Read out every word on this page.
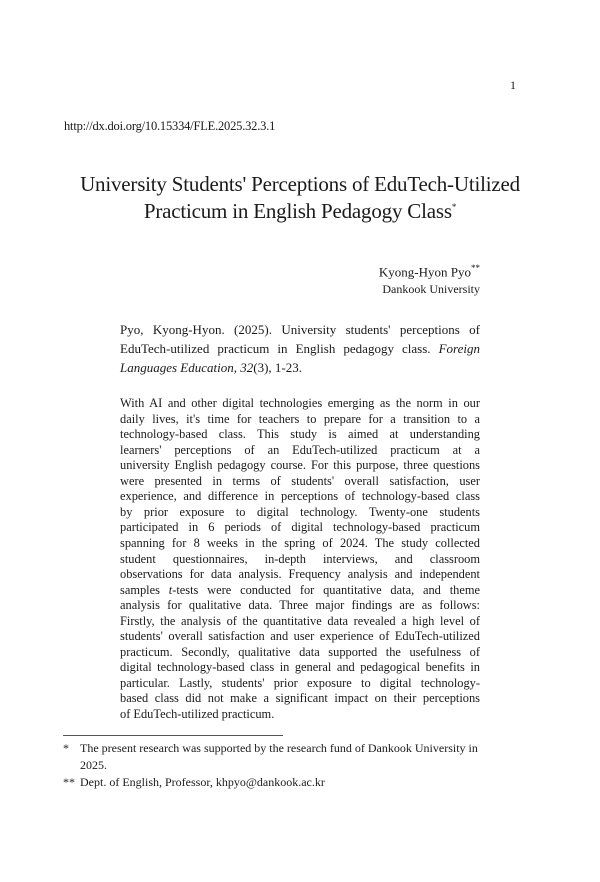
1
http://dx.doi.org/10.15334/FLE.2025.32.3.1
University Students' Perceptions of EduTech-Utilized
Practicum in English Pedagogy Class*
Kyong-Hyon Pyo**
Dankook University
Pyo, Kyong-Hyon. (2025). University students' perceptions of
EduTech-utilized practicum in English pedagogy class. Foreign
Languages Education, 32(3), 1-23.
With AI and other digital technologies emerging as the norm in our
daily lives, it's time for teachers to prepare for a transition to a
technology-based class. This study is aimed at understanding
learners' perceptions of an EduTech-utilized practicum at a
university English pedagogy course. For this purpose, three questions
were presented in terms of students' overall satisfaction, user
experience, and difference in perceptions of technology-based class
by prior exposure to digital technology. Twenty-one students
participated in 6 periods of digital technology-based practicum
spanning for 8 weeks in the spring of 2024. The study collected
student questionnaires, in-depth interviews, and classroom
observations for data analysis. Frequency analysis and independent
samples t-tests were conducted for quantitative data, and theme
analysis for qualitative data. Three major findings are as follows:
Firstly, the analysis of the quantitative data revealed a high level of
students' overall satisfaction and user experience of EduTech-utilized
practicum. Secondly, qualitative data supported the usefulness of
digital technology-based class in general and pedagogical benefits in
particular. Lastly, students' prior exposure to digital technology-
based class did not make a significant impact on their perceptions
of EduTech-utilized practicum.
* The present research was supported by the research fund of Dankook University in
2025.
** Dept. of English, Professor, khpyo@dankook.ac.kr
